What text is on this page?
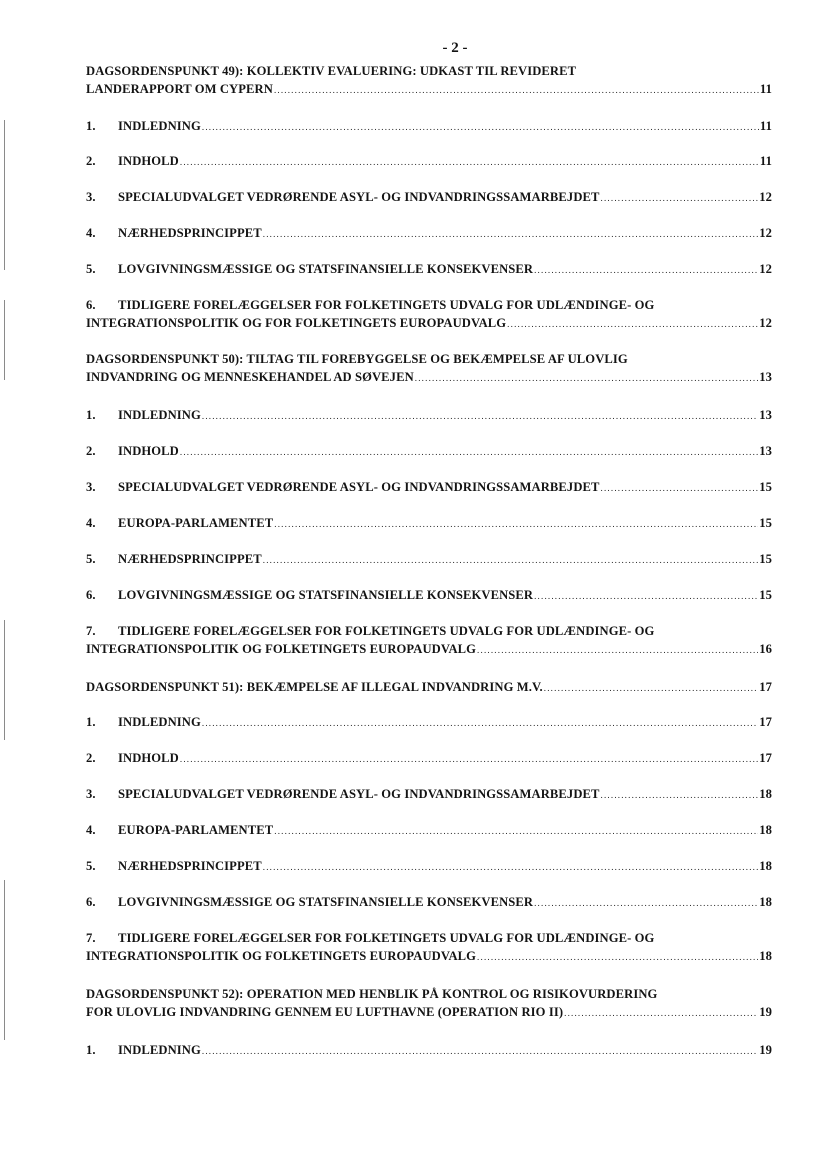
- 2 -
DAGSORDENSPUNKT 49): KOLLEKTIV EVALUERING: UDKAST TIL REVIDERET
LANDERAPPORT OM CYPERN .....	11
1.	INDLEDNING .....	11
2.	INDHOLD .....	11
3.	SPECIALUDVALGET VEDRØRENDE ASYL- OG INDVANDRINGSSAMARBEJDET .....	12
4.	NÆRHEDSPRINCIPPET .....	12
5.	LOVGIVNINGSMÆSSIGE OG STATSFINANSIELLE KONSEKVENSER .....	12
6.	TIDLIGERE FORELÆGGELSER FOR FOLKETINGETS UDVALG FOR UDLÆNDINGE- OG
INTEGRATIONSPOLITIK OG FOR FOLKETINGETS EUROPAUDVALG .....	12
DAGSORDENSPUNKT 50): TILTAG TIL FOREBYGGELSE OG BEKÆMPELSE AF ULOVLIG
INDVANDRING OG MENNESKEHANDEL AD SØVEJEN .....	13
1.	INDLEDNING .....	13
2.	INDHOLD .....	13
3.	SPECIALUDVALGET VEDRØRENDE ASYL- OG INDVANDRINGSSAMARBEJDET .....	15
4.	EUROPA-PARLAMENTET .....	15
5.	NÆRHEDSPRINCIPPET .....	15
6.	LOVGIVNINGSMÆSSIGE OG STATSFINANSIELLE KONSEKVENSER .....	15
7.	TIDLIGERE FORELÆGGELSER FOR FOLKETINGETS UDVALG FOR UDLÆNDINGE- OG
INTEGRATIONSPOLITIK OG FOLKETINGETS EUROPAUDVALG .....	16
DAGSORDENSPUNKT 51): BEKÆMPELSE AF ILLEGAL INDVANDRING M.V. .....	17
1.	INDLEDNING .....	17
2.	INDHOLD .....	17
3.	SPECIALUDVALGET VEDRØRENDE ASYL- OG INDVANDRINGSSAMARBEJDET .....	18
4.	EUROPA-PARLAMENTET .....	18
5.	NÆRHEDSPRINCIPPET .....	18
6.	LOVGIVNINGSMÆSSIGE OG STATSFINANSIELLE KONSEKVENSER .....	18
7.	TIDLIGERE FORELÆGGELSER FOR FOLKETINGETS UDVALG FOR UDLÆNDINGE- OG
INTEGRATIONSPOLITIK OG FOLKETINGETS EUROPAUDVALG .....	18
DAGSORDENSPUNKT 52): OPERATION MED HENBLIK PÅ KONTROL OG RISIKOVURDERING
FOR ULOVLIG INDVANDRING GENNEM EU LUFTHAVNE (OPERATION RIO II) .....	19
1.	INDLEDNING .....	19
